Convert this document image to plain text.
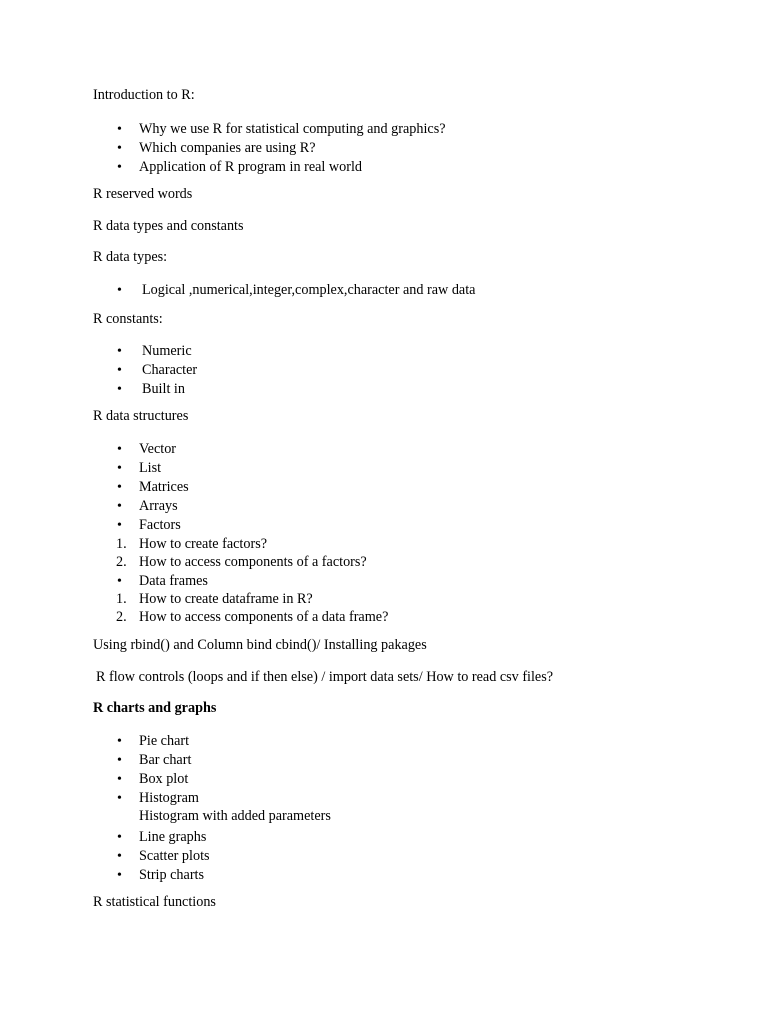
Introduction to R:
• Why we use R for statistical computing and graphics?
• Which companies are using R?
• Application of R program in real world
R reserved words
R data types and constants
R data types:
• Logical ,numerical,integer,complex,character and raw data
R constants:
• Numeric
• Character
• Built in
R data structures
• Vector
• List
• Matrices
• Arrays
• Factors
1. How to create factors?
2. How to access components of a factors?
• Data frames
1. How to create dataframe in R?
2. How to access components of a data frame?
Using rbind() and Column bind cbind()/ Installing pakages
R flow controls (loops and if then else) / import data sets/ How to read csv files?
R charts and graphs
• Pie chart
• Bar chart
• Box plot
• Histogram
Histogram with added parameters
• Line graphs
• Scatter plots
• Strip charts
R statistical functions
